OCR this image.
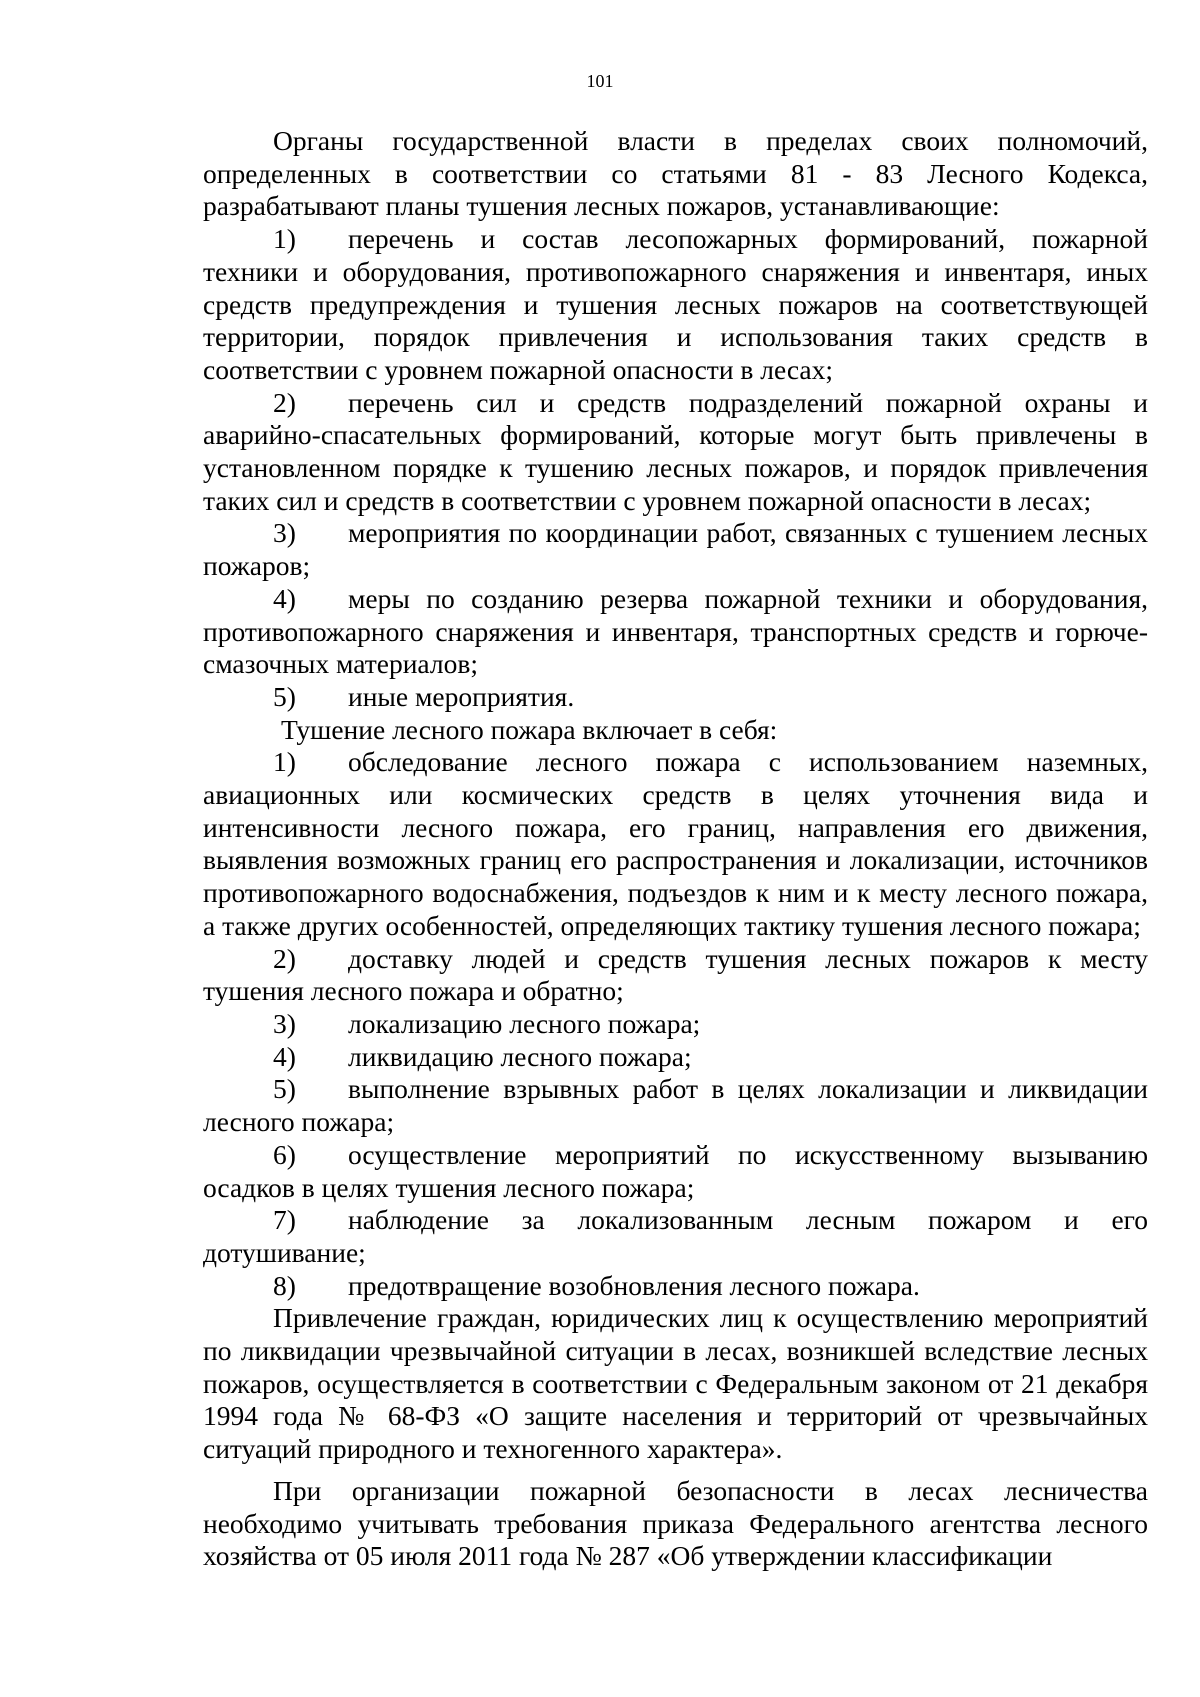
101

Органы государственной власти в пределах своих полномочий, определенных в соответствии со статьями 81 - 83 Лесного Кодекса, разрабатывают планы тушения лесных пожаров, устанавливающие:

1) перечень и состав лесопожарных формирований, пожарной техники и оборудования, противопожарного снаряжения и инвентаря, иных средств предупреждения и тушения лесных пожаров на соответствующей территории, порядок привлечения и использования таких средств в соответствии с уровнем пожарной опасности в лесах;

2) перечень сил и средств подразделений пожарной охраны и аварийно-спасательных формирований, которые могут быть привлечены в установленном порядке к тушению лесных пожаров, и порядок привлечения таких сил и средств в соответствии с уровнем пожарной опасности в лесах;

3) мероприятия по координации работ, связанных с тушением лесных пожаров;

4) меры по созданию резерва пожарной техники и оборудования, противопожарного снаряжения и инвентаря, транспортных средств и горюче-смазочных материалов;

5) иные мероприятия.

Тушение лесного пожара включает в себя:

1) обследование лесного пожара с использованием наземных, авиационных или космических средств в целях уточнения вида и интенсивности лесного пожара, его границ, направления его движения, выявления возможных границ его распространения и локализации, источников противопожарного водоснабжения, подъездов к ним и к месту лесного пожара, а также других особенностей, определяющих тактику тушения лесного пожара;

2) доставку людей и средств тушения лесных пожаров к месту тушения лесного пожара и обратно;

3) локализацию лесного пожара;

4) ликвидацию лесного пожара;

5) выполнение взрывных работ в целях локализации и ликвидации лесного пожара;

6) осуществление мероприятий по искусственному вызыванию осадков в целях тушения лесного пожара;

7) наблюдение за локализованным лесным пожаром и его дотушивание;

8) предотвращение возобновления лесного пожара.

Привлечение граждан, юридических лиц к осуществлению мероприятий по ликвидации чрезвычайной ситуации в лесах, возникшей вследствие лесных пожаров, осуществляется в соответствии с Федеральным законом от 21 декабря 1994 года № 68-ФЗ «О защите населения и территорий от чрезвычайных ситуаций природного и техногенного характера».

При организации пожарной безопасности в лесах лесничества необходимо учитывать требования приказа Федерального агентства лесного хозяйства от 05 июля 2011 года № 287 «Об утверждении классификации
